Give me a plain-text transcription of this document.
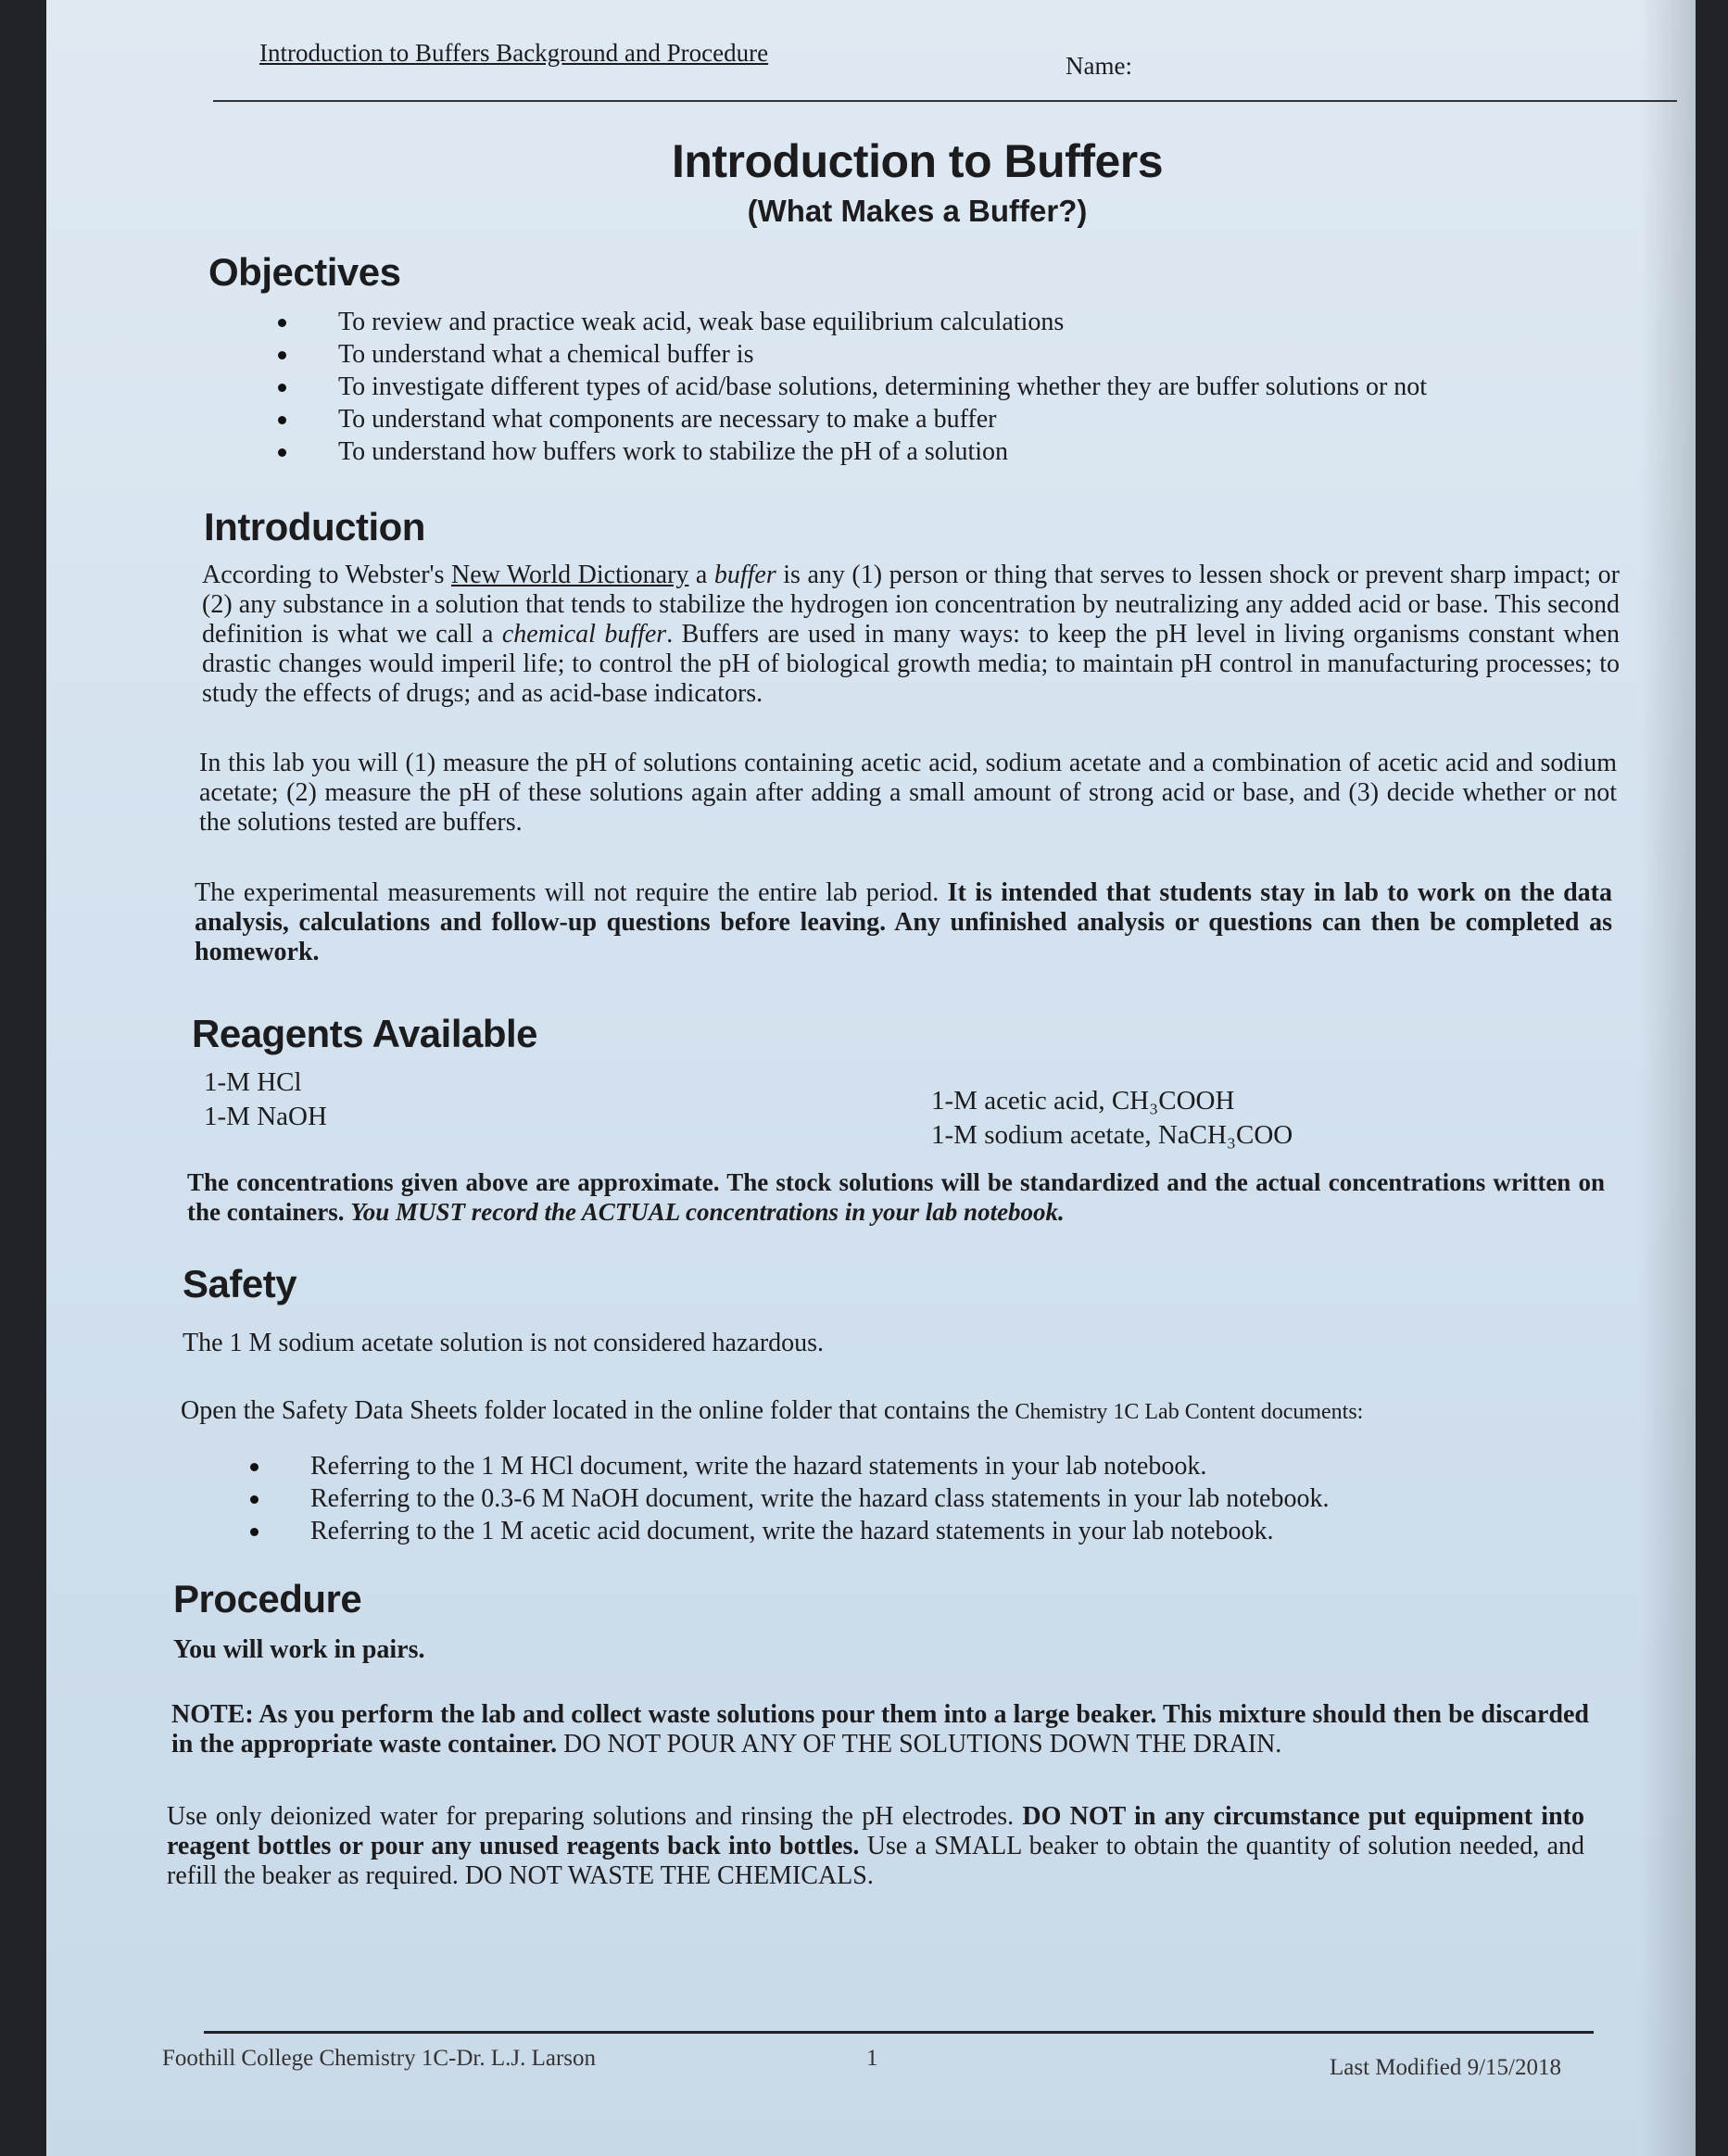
Introduction to Buffers Background and Procedure	Name:
Introduction to Buffers
(What Makes a Buffer?)
Objectives
To review and practice weak acid, weak base equilibrium calculations
To understand what a chemical buffer is
To investigate different types of acid/base solutions, determining whether they are buffer solutions or not
To understand what components are necessary to make a buffer
To understand how buffers work to stabilize the pH of a solution
Introduction
According to Webster's New World Dictionary a buffer is any (1) person or thing that serves to lessen shock or prevent sharp impact; or (2) any substance in a solution that tends to stabilize the hydrogen ion concentration by neutralizing any added acid or base. This second definition is what we call a chemical buffer. Buffers are used in many ways: to keep the pH level in living organisms constant when drastic changes would imperil life; to control the pH of biological growth media; to maintain pH control in manufacturing processes; to study the effects of drugs; and as acid-base indicators.
In this lab you will (1) measure the pH of solutions containing acetic acid, sodium acetate and a combination of acetic acid and sodium acetate; (2) measure the pH of these solutions again after adding a small amount of strong acid or base, and (3) decide whether or not the solutions tested are buffers.
The experimental measurements will not require the entire lab period. It is intended that students stay in lab to work on the data analysis, calculations and follow-up questions before leaving. Any unfinished analysis or questions can then be completed as homework.
Reagents Available
1-M HCl
1-M NaOH
1-M acetic acid, CH₃COOH
1-M sodium acetate, NaCH₃COO
The concentrations given above are approximate. The stock solutions will be standardized and the actual concentrations written on the containers. You MUST record the ACTUAL concentrations in your lab notebook.
Safety
The 1 M sodium acetate solution is not considered hazardous.
Open the Safety Data Sheets folder located in the online folder that contains the Chemistry 1C Lab Content documents:
Referring to the 1 M HCl document, write the hazard statements in your lab notebook.
Referring to the 0.3-6 M NaOH document, write the hazard class statements in your lab notebook.
Referring to the 1 M acetic acid document, write the hazard statements in your lab notebook.
Procedure
You will work in pairs.
NOTE: As you perform the lab and collect waste solutions pour them into a large beaker. This mixture should then be discarded in the appropriate waste container. DO NOT POUR ANY OF THE SOLUTIONS DOWN THE DRAIN.
Use only deionized water for preparing solutions and rinsing the pH electrodes. DO NOT in any circumstance put equipment into reagent bottles or pour any unused reagents back into bottles. Use a SMALL beaker to obtain the quantity of solution needed, and refill the beaker as required. DO NOT WASTE THE CHEMICALS.
Foothill College Chemistry 1C-Dr. L.J. Larson	1	Last Modified 9/15/2018
